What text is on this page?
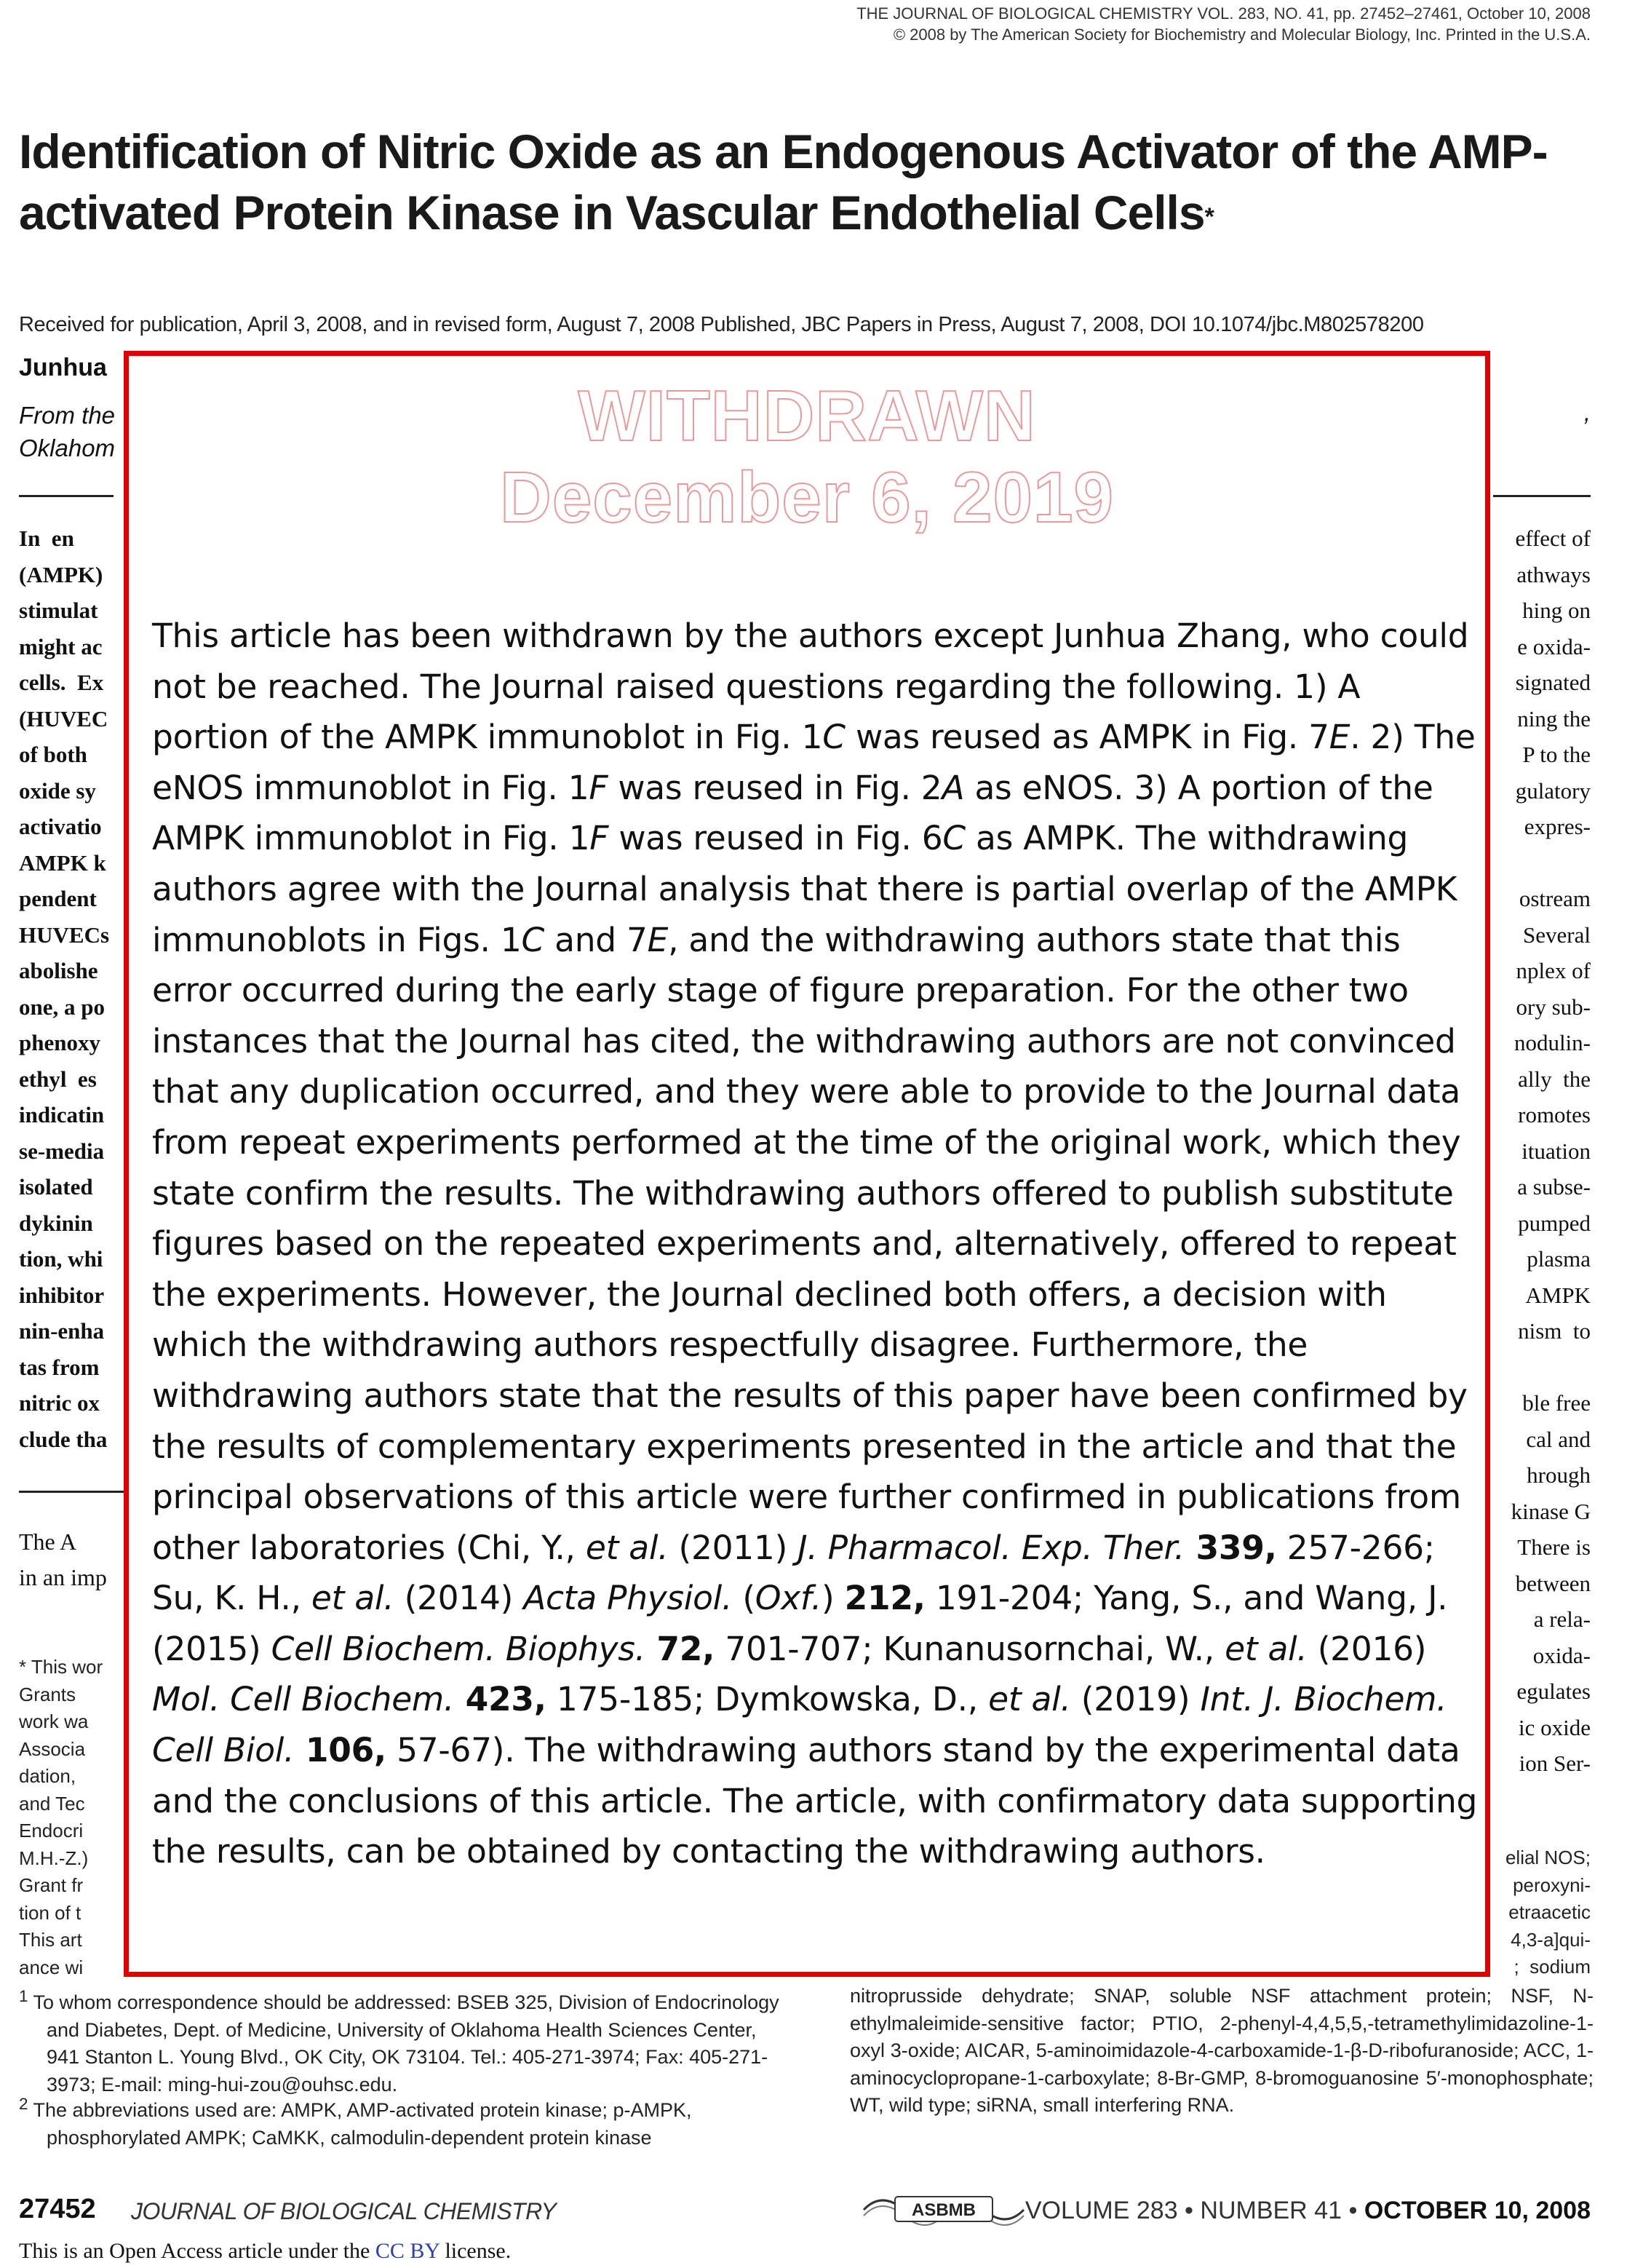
THE JOURNAL OF BIOLOGICAL CHEMISTRY VOL. 283, NO. 41, pp. 27452–27461, October 10, 2008
© 2008 by The American Society for Biochemistry and Molecular Biology, Inc. Printed in the U.S.A.
Identification of Nitric Oxide as an Endogenous Activator of the AMP-activated Protein Kinase in Vascular Endothelial Cells*
Received for publication, April 3, 2008, and in revised form, August 7, 2008 Published, JBC Papers in Press, August 7, 2008, DOI 10.1074/jbc.M802578200
Junhua
From the
Oklahom
,
In  en
(AMPK)
stimulat
might ac
cells.  Ex
(HUVEC
of both
oxide sy
activatio
AMPK k
pendent
HUVECs
abolishe
one, a po
phenoxy
ethyl  es
indicatin
se-media
isolated
dykinin
tion, whi
inhibitor
nin-enha
tas from
nitric ox
clude tha
effect of
athways
hing on
e oxida-
signated
ning the
P to the
gulatory
expres-

ostream
Several
nplex of
ory sub-
nodulin-
ally  the
romotes
ituation
a subse-
pumped
plasma
AMPK
nism  to

ble free
cal and
hrough
kinase G
There is
between
a rela-
oxida-
egulates
ic oxide
ion Ser-
The A
in an imp
* This wor
Grants
work wa
Associa
dation,
and Tec
Endocri
M.H.-Z.)
Grant fr
tion of t
This art
ance wi
elial NOS;
peroxyni-
etraacetic
4,3-a]qui-
;  sodium
$^1$ To whom correspondence should be addressed: BSEB 325, Division of Endocrinology and Diabetes, Dept. of Medicine, University of Oklahoma Health Sciences Center, 941 Stanton L. Young Blvd., OK City, OK 73104. Tel.: 405-271-3974; Fax: 405-271-3973; E-mail: ming-hui-zou@ouhsc.edu.
$^2$ The abbreviations used are: AMPK, AMP-activated protein kinase; p-AMPK, phosphorylated AMPK; CaMKK, calmodulin-dependent protein kinase
nitroprusside dehydrate; SNAP, soluble NSF attachment protein; NSF, N-ethylmaleimide-sensitive factor; PTIO, 2-phenyl-4,4,5,5,-tetramethylimidazoline-1-oxyl 3-oxide; AICAR, 5-aminoimidazole-4-carboxamide-1-β-D-ribofuranoside; ACC, 1-aminocyclopropane-1-carboxylate; 8-Br-GMP, 8-bromoguanosine 5′-monophosphate; WT, wild type; siRNA, small interfering RNA.
WITHDRAWN
December 6, 2019
This article has been withdrawn by the authors except Junhua Zhang, who could not be reached. The Journal raised questions regarding the following. 1) A portion of the AMPK immunoblot in Fig. 1C was reused as AMPK in Fig. 7E. 2) The eNOS immunoblot in Fig. 1F was reused in Fig. 2A as eNOS. 3) A portion of the AMPK immunoblot in Fig. 1F was reused in Fig. 6C as AMPK. The withdrawing authors agree with the Journal analysis that there is partial overlap of the AMPK immunoblots in Figs. 1C and 7E, and the withdrawing authors state that this error occurred during the early stage of figure preparation. For the other two instances that the Journal has cited, the withdrawing authors are not convinced that any duplication occurred, and they were able to provide to the Journal data from repeat experiments performed at the time of the original work, which they state confirm the results. The withdrawing authors offered to publish substitute figures based on the repeated experiments and, alternatively, offered to repeat the experiments. However, the Journal declined both offers, a decision with which the withdrawing authors respectfully disagree. Furthermore, the withdrawing authors state that the results of this paper have been confirmed by the results of complementary experiments presented in the article and that the principal observations of this article were further confirmed in publications from other laboratories (Chi, Y., et al. (2011) J. Pharmacol. Exp. Ther. 339, 257-266; Su, K. H., et al. (2014) Acta Physiol. (Oxf.) 212, 191-204; Yang, S., and Wang, J. (2015) Cell Biochem. Biophys. 72, 701-707; Kunanusornchai, W., et al. (2016) Mol. Cell Biochem. 423, 175-185; Dymkowska, D., et al. (2019) Int. J. Biochem. Cell Biol. 106, 57-67). The withdrawing authors stand by the experimental data and the conclusions of this article. The article, with confirmatory data supporting the results, can be obtained by contacting the withdrawing authors.
27452 JOURNAL OF BIOLOGICAL CHEMISTRY	ASBMB VOLUME 283 • NUMBER 41 • OCTOBER 10, 2008
This is an Open Access article under the CC BY license.
